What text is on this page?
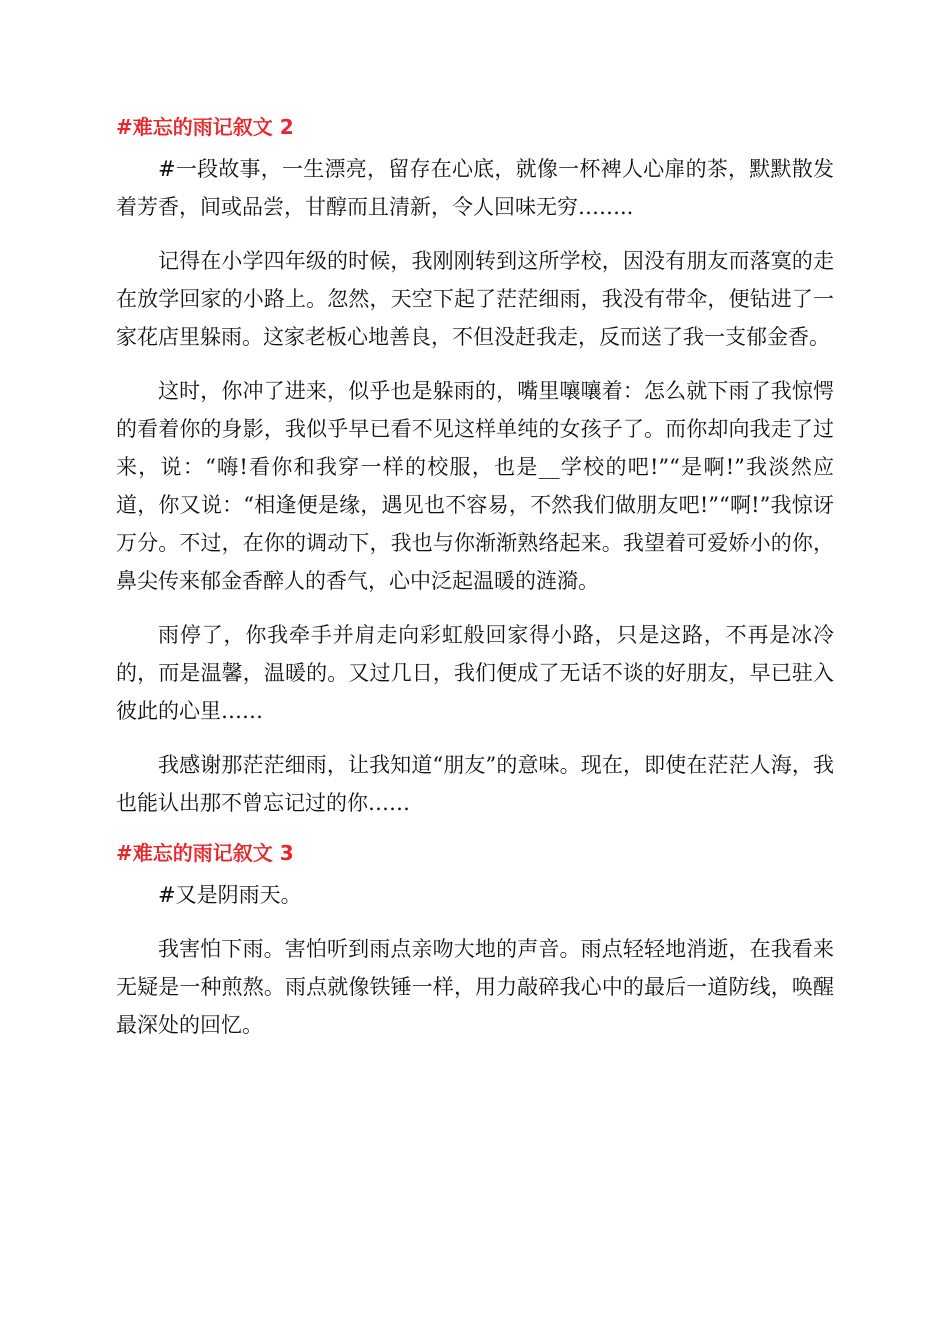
#难忘的雨记叙文 2

#一段故事，一生漂亮，留存在心底，就像一杯裨人心扉的茶，默默散发着芳香，间或品尝，甘醇而且清新，令人回味无穷……..

记得在小学四年级的时候，我刚刚转到这所学校，因没有朋友而落寞的走在放学回家的小路上。忽然，天空下起了茫茫细雨，我没有带伞，便钻进了一家花店里躲雨。这家老板心地善良，不但没赶我走，反而送了我一支郁金香。

这时，你冲了进来，似乎也是躲雨的，嘴里嚷嚷着：怎么就下雨了我惊愕的看着你的身影，我似乎早已看不见这样单纯的女孩子了。而你却向我走了过来，说：“嗨!看你和我穿一样的校服，也是__学校的吧!”“是啊!”我淡然应道，你又说：“相逢便是缘，遇见也不容易，不然我们做朋友吧!”“啊!”我惊讶万分。不过，在你的调动下，我也与你渐渐熟络起来。我望着可爱娇小的你，鼻尖传来郁金香醉人的香气，心中泛起温暖的涟漪。

雨停了，你我牵手并肩走向彩虹般回家得小路，只是这路，不再是冰冷的，而是温馨，温暖的。又过几日，我们便成了无话不谈的好朋友，早已驻入彼此的心里……

我感谢那茫茫细雨，让我知道“朋友”的意味。现在，即使在茫茫人海，我也能认出那不曾忘记过的你……

#难忘的雨记叙文 3

#又是阴雨天。

我害怕下雨。害怕听到雨点亲吻大地的声音。雨点轻轻地消逝，在我看来无疑是一种煎熬。雨点就像铁锤一样，用力敲碎我心中的最后一道防线，唤醒最深处的回忆。
